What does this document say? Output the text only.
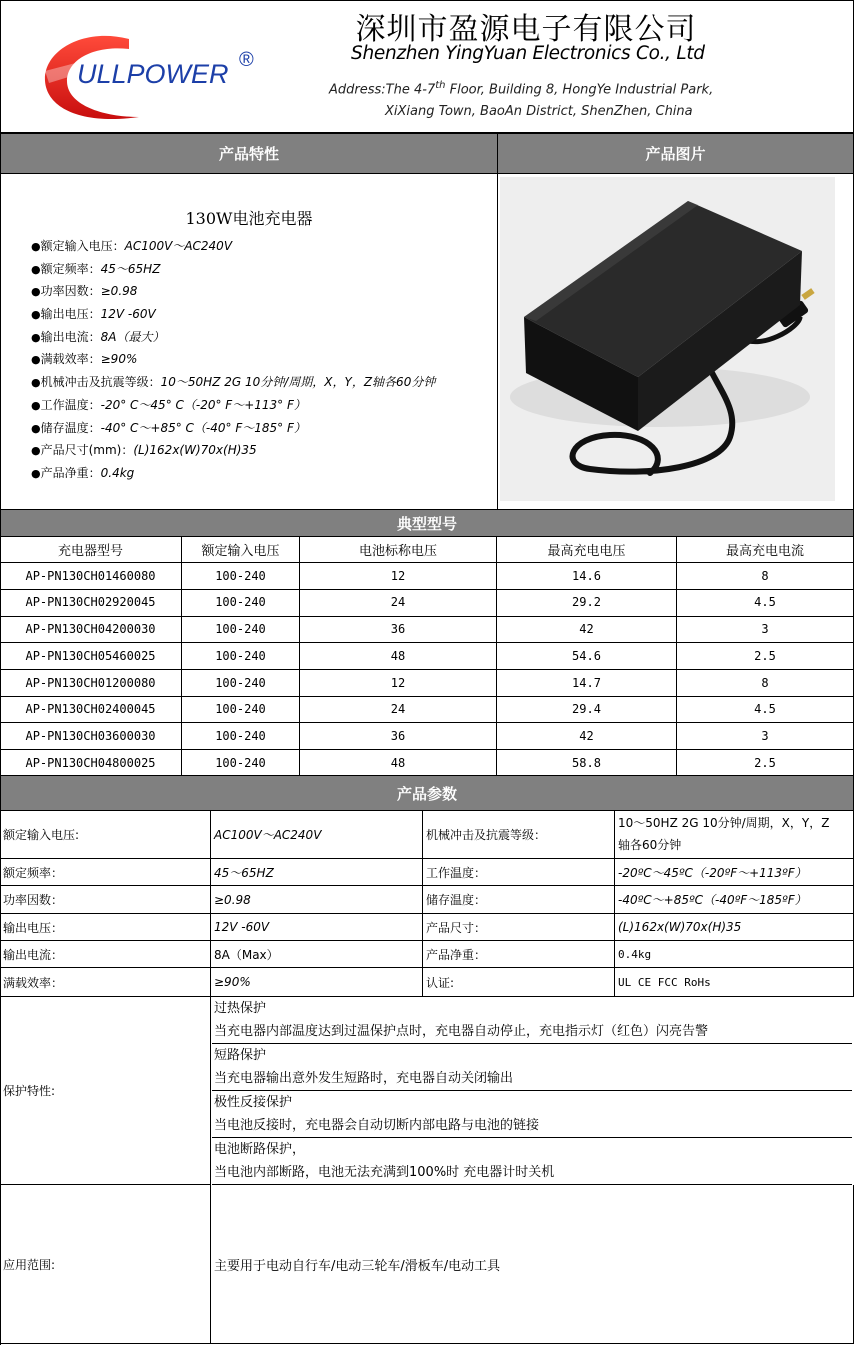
ULLPOWER ®
深圳市盈源电子有限公司
Shenzhen YingYuan Electronics Co., Ltd
Address:The 4-7th Floor, Building 8, HongYe Industrial Park,
XiXiang Town, BaoAn District, ShenZhen, China
产品特性	产品图片
130W电池充电器
●额定输入电压：AC100V～AC240V
●额定频率：45～65HZ
●功率因数：≥0.98
●输出电压：12V -60V
●输出电流：8A（最大）
●满载效率：≥90%
●机械冲击及抗震等级：10～50HZ 2G 10分钟/周期，X，Y，Z轴各60分钟
●工作温度：-20° C～45° C（-20° F～+113° F）
●储存温度：-40° C～+85° C（-40° F～185° F）
●产品尺寸(mm)：(L)162x(W)70x(H)35
●产品净重：0.4kg
典型型号
充电器型号	额定输入电压	电池标称电压	最高充电电压	最高充电电流
AP-PN130CH01460080	100-240	12	14.6	8
AP-PN130CH02920045	100-240	24	29.2	4.5
AP-PN130CH04200030	100-240	36	42	3
AP-PN130CH05460025	100-240	48	54.6	2.5
AP-PN130CH01200080	100-240	12	14.7	8
AP-PN130CH02400045	100-240	24	29.4	4.5
AP-PN130CH03600030	100-240	36	42	3
AP-PN130CH04800025	100-240	48	58.8	2.5
产品参数
额定输入电压:	AC100V～AC240V	机械冲击及抗震等级：
10～50HZ 2G 10分钟/周期，X，Y，Z
轴各60分钟
额定频率：	45～65HZ	工作温度：	-20ºC～45ºC（-20ºF～+113ºF）
功率因数：	≥0.98	储存温度：	-40ºC～+85ºC（-40ºF～185ºF）
输出电压：	12V -60V	产品尺寸：	(L)162x(W)70x(H)35
输出电流：	8A（Max）	产品净重：	0.4kg
满载效率：	≥90%	认证:	UL CE FCC RoHs
保护特性:
过热保护
当充电器内部温度达到过温保护点时，充电器自动停止，充电指示灯（红色）闪亮告警
短路保护
当充电器输出意外发生短路时，充电器自动关闭输出
极性反接保护
当电池反接时，充电器会自动切断内部电路与电池的链接
电池断路保护，
当电池内部断路，电池无法充满到100%时 充电器计时关机
应用范围:	主要用于电动自行车/电动三轮车/滑板车/电动工具
